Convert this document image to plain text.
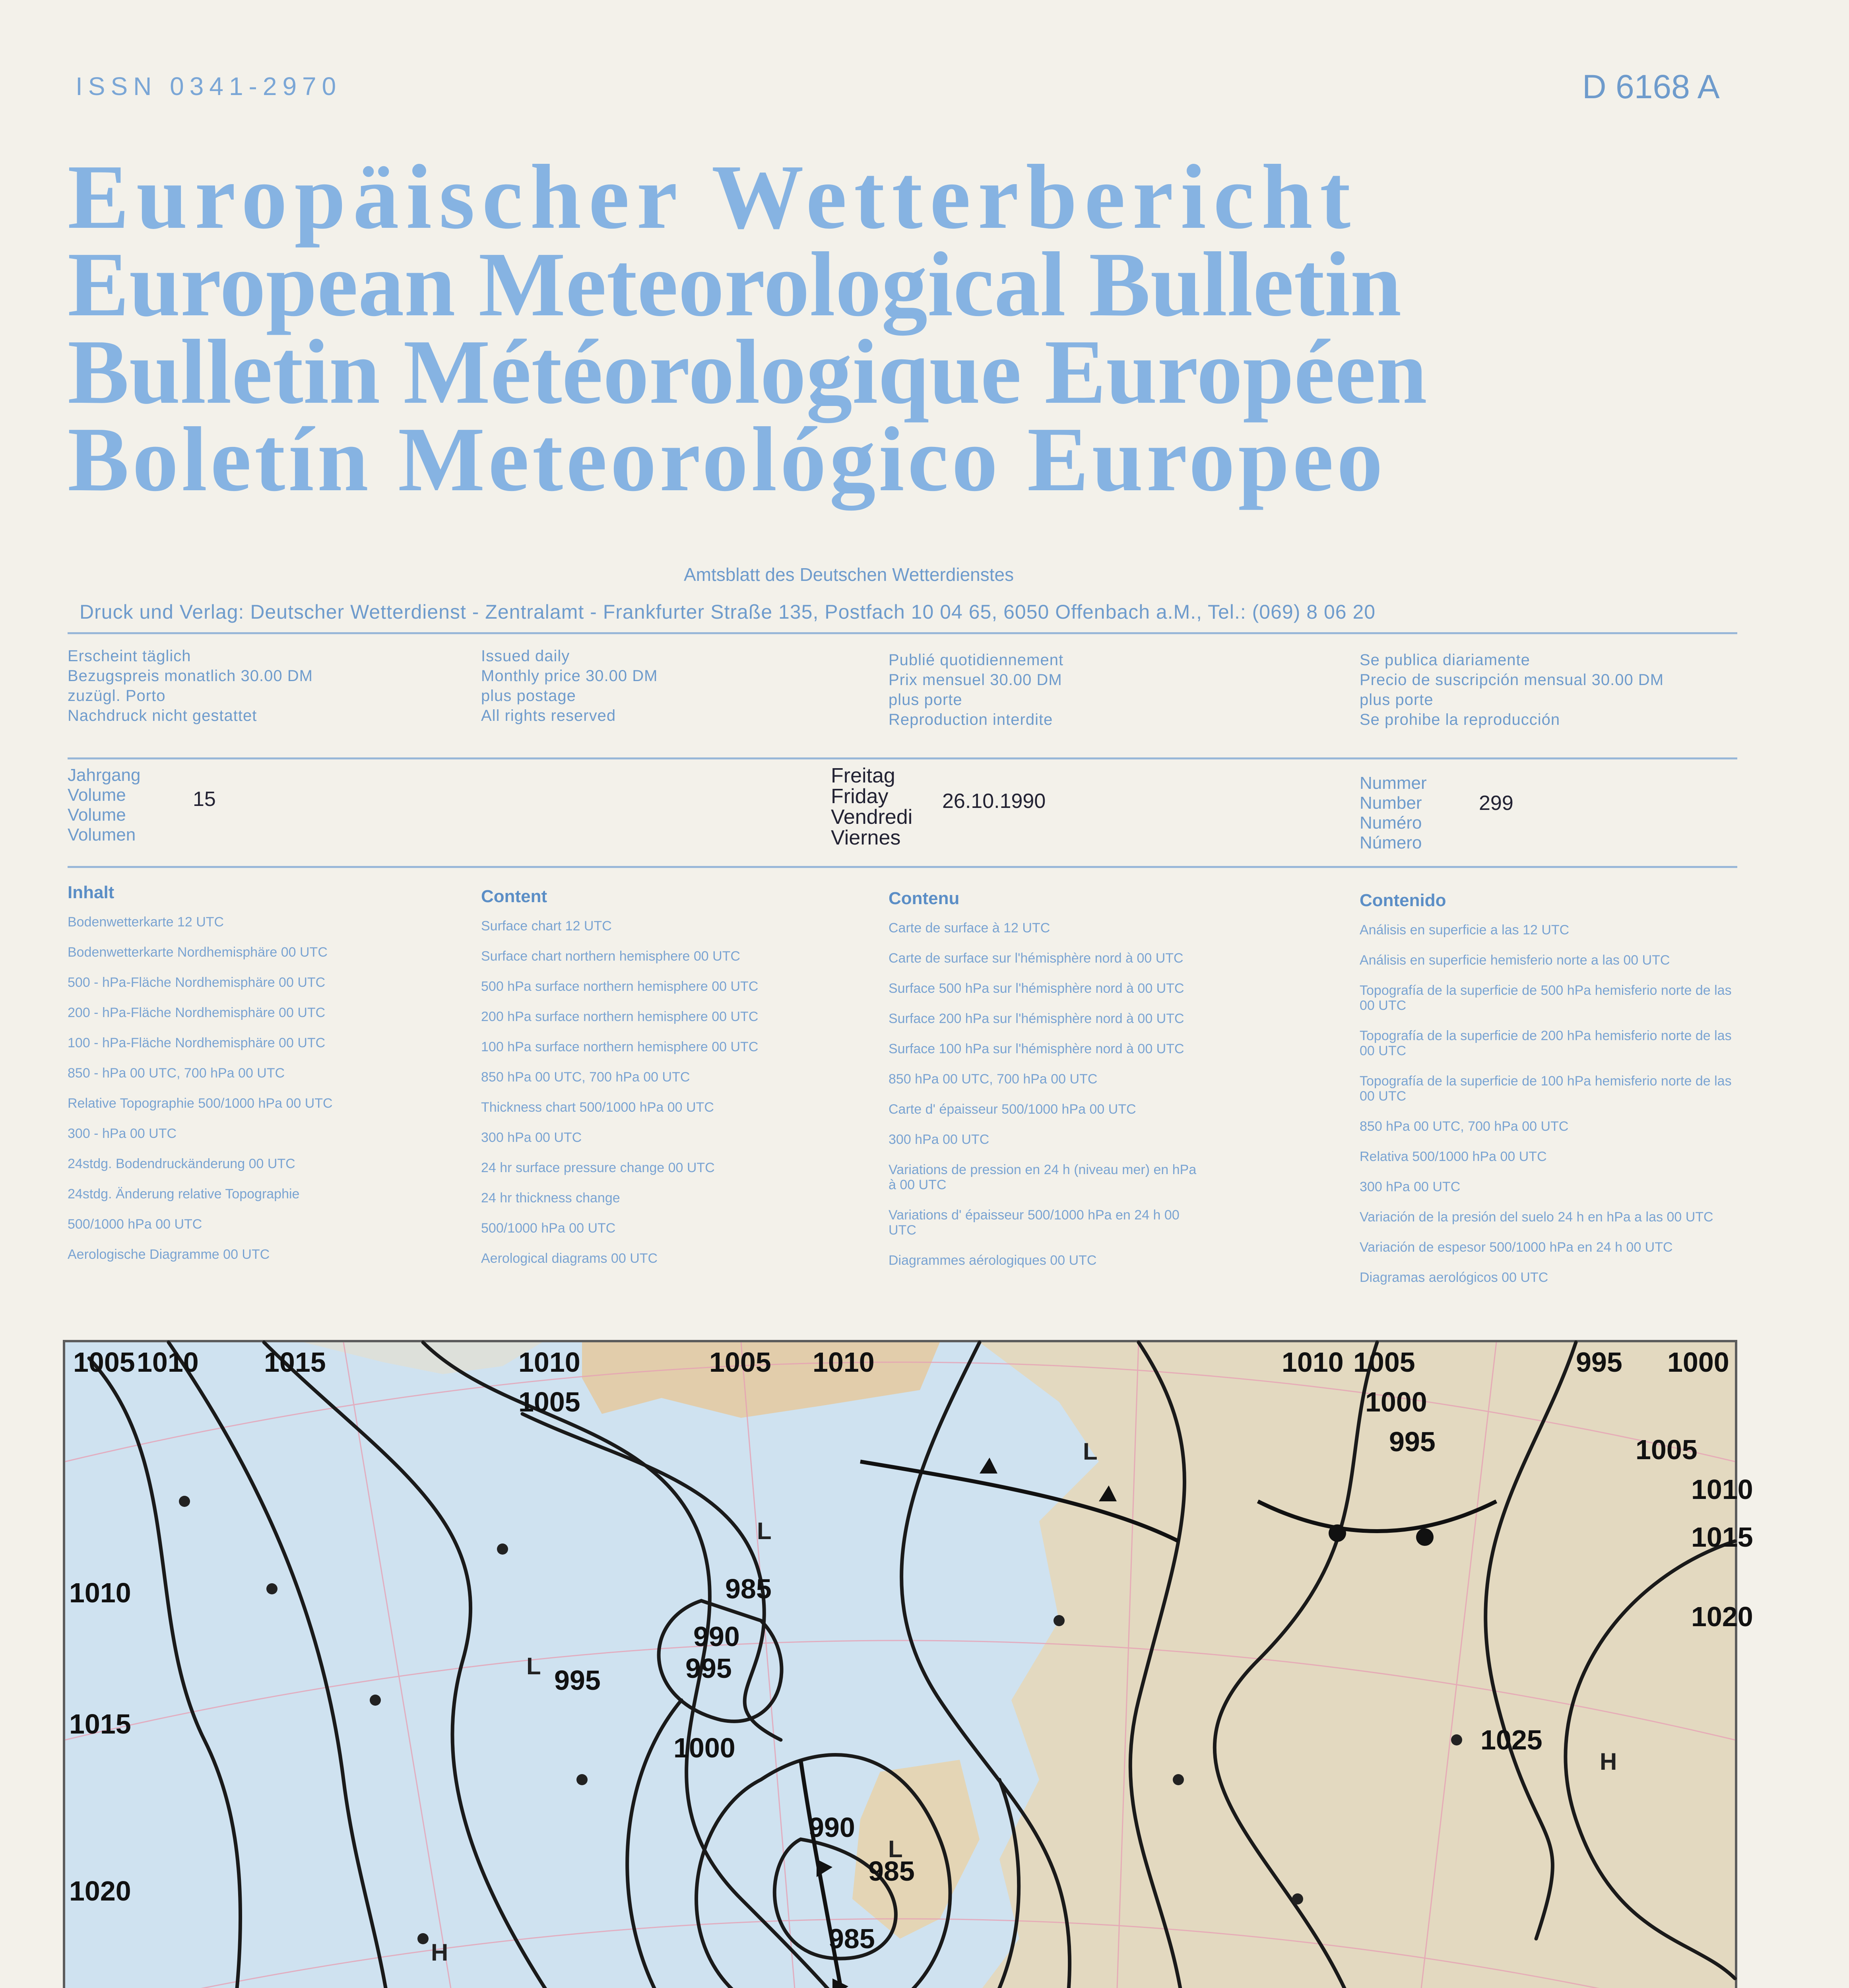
ISSN 0341-2970	D 6168 A
Europäischer Wetterbericht
European Meteorological Bulletin
Bulletin Météorologique Européen
Boletín Meteorológico Europeo
Amtsblatt des Deutschen Wetterdienstes
Druck und Verlag: Deutscher Wetterdienst - Zentralamt - Frankfurter Straße 135, Postfach 10 04 65, 6050 Offenbach a.M., Tel.: (069) 8 06 20
Erscheint täglich
Bezugspreis monatlich 30.00 DM
zuzügl. Porto
Nachdruck nicht gestattet
Issued daily
Monthly price 30.00 DM
plus postage
All rights reserved
Publié quotidiennement
Prix mensuel 30.00 DM
plus porte
Reproduction interdite
Se publica diariamente
Precio de suscripción mensual 30.00 DM
plus porte
Se prohibe la reproducción
Jahrgang
Volume
Volume
Volumen
15
Freitag
Friday
Vendredi
Viernes
26.10.1990
Nummer
Number
Numéro
Número
299
Inhalt
Bodenwetterkarte 12 UTC
Bodenwetterkarte Nordhemisphäre 00 UTC
500 - hPa-Fläche Nordhemisphäre 00 UTC
200 - hPa-Fläche Nordhemisphäre 00 UTC
100 - hPa-Fläche Nordhemisphäre 00 UTC
850 - hPa 00 UTC, 700 hPa 00 UTC
Relative Topographie 500/1000 hPa 00 UTC
300 - hPa 00 UTC
24stdg. Bodendruckänderung 00 UTC
24stdg. Änderung relative Topographie
500/1000 hPa 00 UTC
Aerologische Diagramme 00 UTC
Content
Surface chart 12 UTC
Surface chart northern hemisphere 00 UTC
500 hPa surface northern hemisphere 00 UTC
200 hPa surface northern hemisphere 00 UTC
100 hPa surface northern hemisphere 00 UTC
850 hPa 00 UTC, 700 hPa 00 UTC
Thickness chart 500/1000 hPa 00 UTC
300 hPa 00 UTC
24 hr surface pressure change 00 UTC
24 hr thickness change
500/1000 hPa 00 UTC
Aerological diagrams 00 UTC
Contenu
Carte de surface à 12 UTC
Carte de surface sur l'hémisphère nord à 00 UTC
Surface 500 hPa sur l'hémisphère nord à 00 UTC
Surface 200 hPa sur l'hémisphère nord à 00 UTC
Surface 100 hPa sur l'hémisphère nord à 00 UTC
850 hPa 00 UTC, 700 hPa 00 UTC
Carte d' épaisseur 500/1000 hPa 00 UTC
300 hPa 00 UTC
Variations de pression en 24 h (niveau mer) en hPa à 00 UTC
Variations d' épaisseur 500/1000 hPa en 24 h 00 UTC
Diagrammes aérologiques 00 UTC
Contenido
Análisis en superficie a las 12 UTC
Análisis en superficie hemisferio norte a las 00 UTC
Topografía de la superficie de 500 hPa hemisferio norte de las 00 UTC
Topografía de la superficie de 200 hPa hemisferio norte de las 00 UTC
Topografía de la superficie de 100 hPa hemisferio norte de las 00 UTC
850 hPa 00 UTC, 700 hPa 00 UTC
Relativa 500/1000 hPa 00 UTC
300 hPa 00 UTC
Variación de la presión del suelo 24 h en hPa a las 00 UTC
Variación de espesor 500/1000 hPa en 24 h 00 UTC
Diagramas aerológicos 00 UTC
1005 1010 1015	1010
1005
1005 1010	1010 1005	995 1000
1000
995	1005
1010
1015
1010
1015
1020
1020
1025
985
990
995
1000
995
990
985
985
L
L
L
L
H
H
